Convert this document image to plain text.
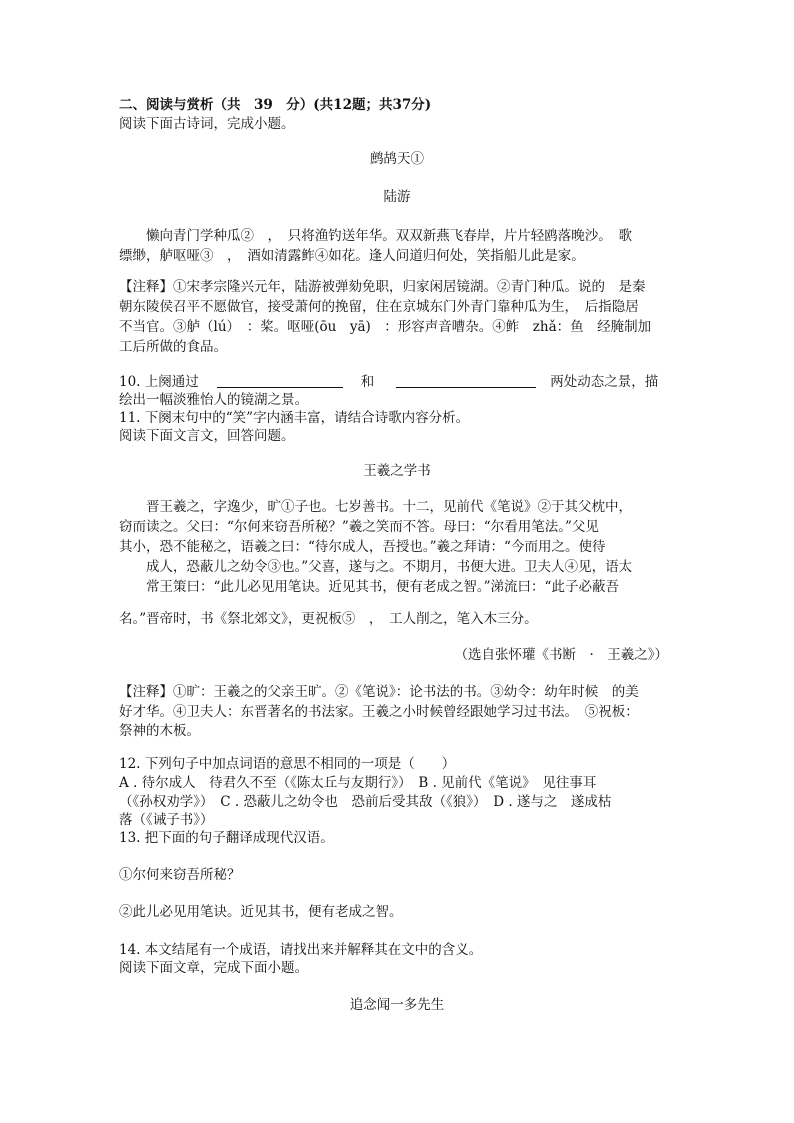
二、阅读与赏析（共　39　分）(共12题；共37分)
阅读下面古诗词，完成小题。
鹧鸪天①
陆游
懒向青门学种瓜②　，　只将渔钓送年华。双双新燕飞春岸，片片轻鸥落晚沙。　歌
缥缈，舻呕哑③　，　酒如清露鲊④如花。逢人问道归何处，笑指船儿此是家。
【注释】①宋孝宗隆兴元年，陆游被弹劾免职，归家闲居镜湖。②青门种瓜。说的　是秦
朝东陵侯召平不愿做官，接受萧何的挽留，住在京城东门外青门靠种瓜为生，　后指隐居
不当官。③舻（lú）　：桨。呕哑(ōu　yā)　：形容声音嘈杂。④鲊　zhǎ：鱼　经腌制加
工后所做的食品。
10. 上阕通过	和	两处动态之景，描
绘出一幅淡雅怡人的镜湖之景。
11. 下阕末句中的“笑”字内涵丰富，请结合诗歌内容分析。
阅读下面文言文，回答问题。
王羲之学书
晋王羲之，字逸少，旷①子也。七岁善书。十二，见前代《笔说》②于其父枕中，
窃而读之。父曰：“尔何来窃吾所秘？”羲之笑而不答。母曰：“尔看用笔法。”父见
其小，恐不能秘之，语羲之曰：“待尔成人，吾授也。”羲之拜请：“今而用之。使待
成人，恐蔽儿之幼令③也。”父喜，遂与之。不期月，书便大进。卫夫人④见，语太
常王策曰：“此儿必见用笔诀。近见其书，便有老成之智。”涕流曰：“此子必蔽吾
名。”晋帝时，书《祭北郊文》，更祝板⑤　，　工人削之，笔入木三分。
（选自张怀瓘《书断　·　王羲之》）
【注释】①旷：王羲之的父亲王旷。②《笔说》：论书法的书。③幼令：幼年时候　的美
好才华。④卫夫人：东晋著名的书法家。王羲之小时候曾经跟她学习过书法。　⑤祝板：
祭神的木板。
12. 下列句子中加点词语的意思不相同的一项是（　　）
A . 待尔成人　待君久不至（《陈太丘与友期行》）　B . 见前代《笔说》　见往事耳
（《孙权劝学》）　C . 恐蔽儿之幼令也　恐前后受其敌（《狼》）　D . 遂与之　遂成枯
落（《诫子书》）
13. 把下面的句子翻译成现代汉语。
①尔何来窃吾所秘？
②此儿必见用笔诀。近见其书，便有老成之智。
14. 本文结尾有一个成语，请找出来并解释其在文中的含义。
阅读下面文章，完成下面小题。
追念闻一多先生
